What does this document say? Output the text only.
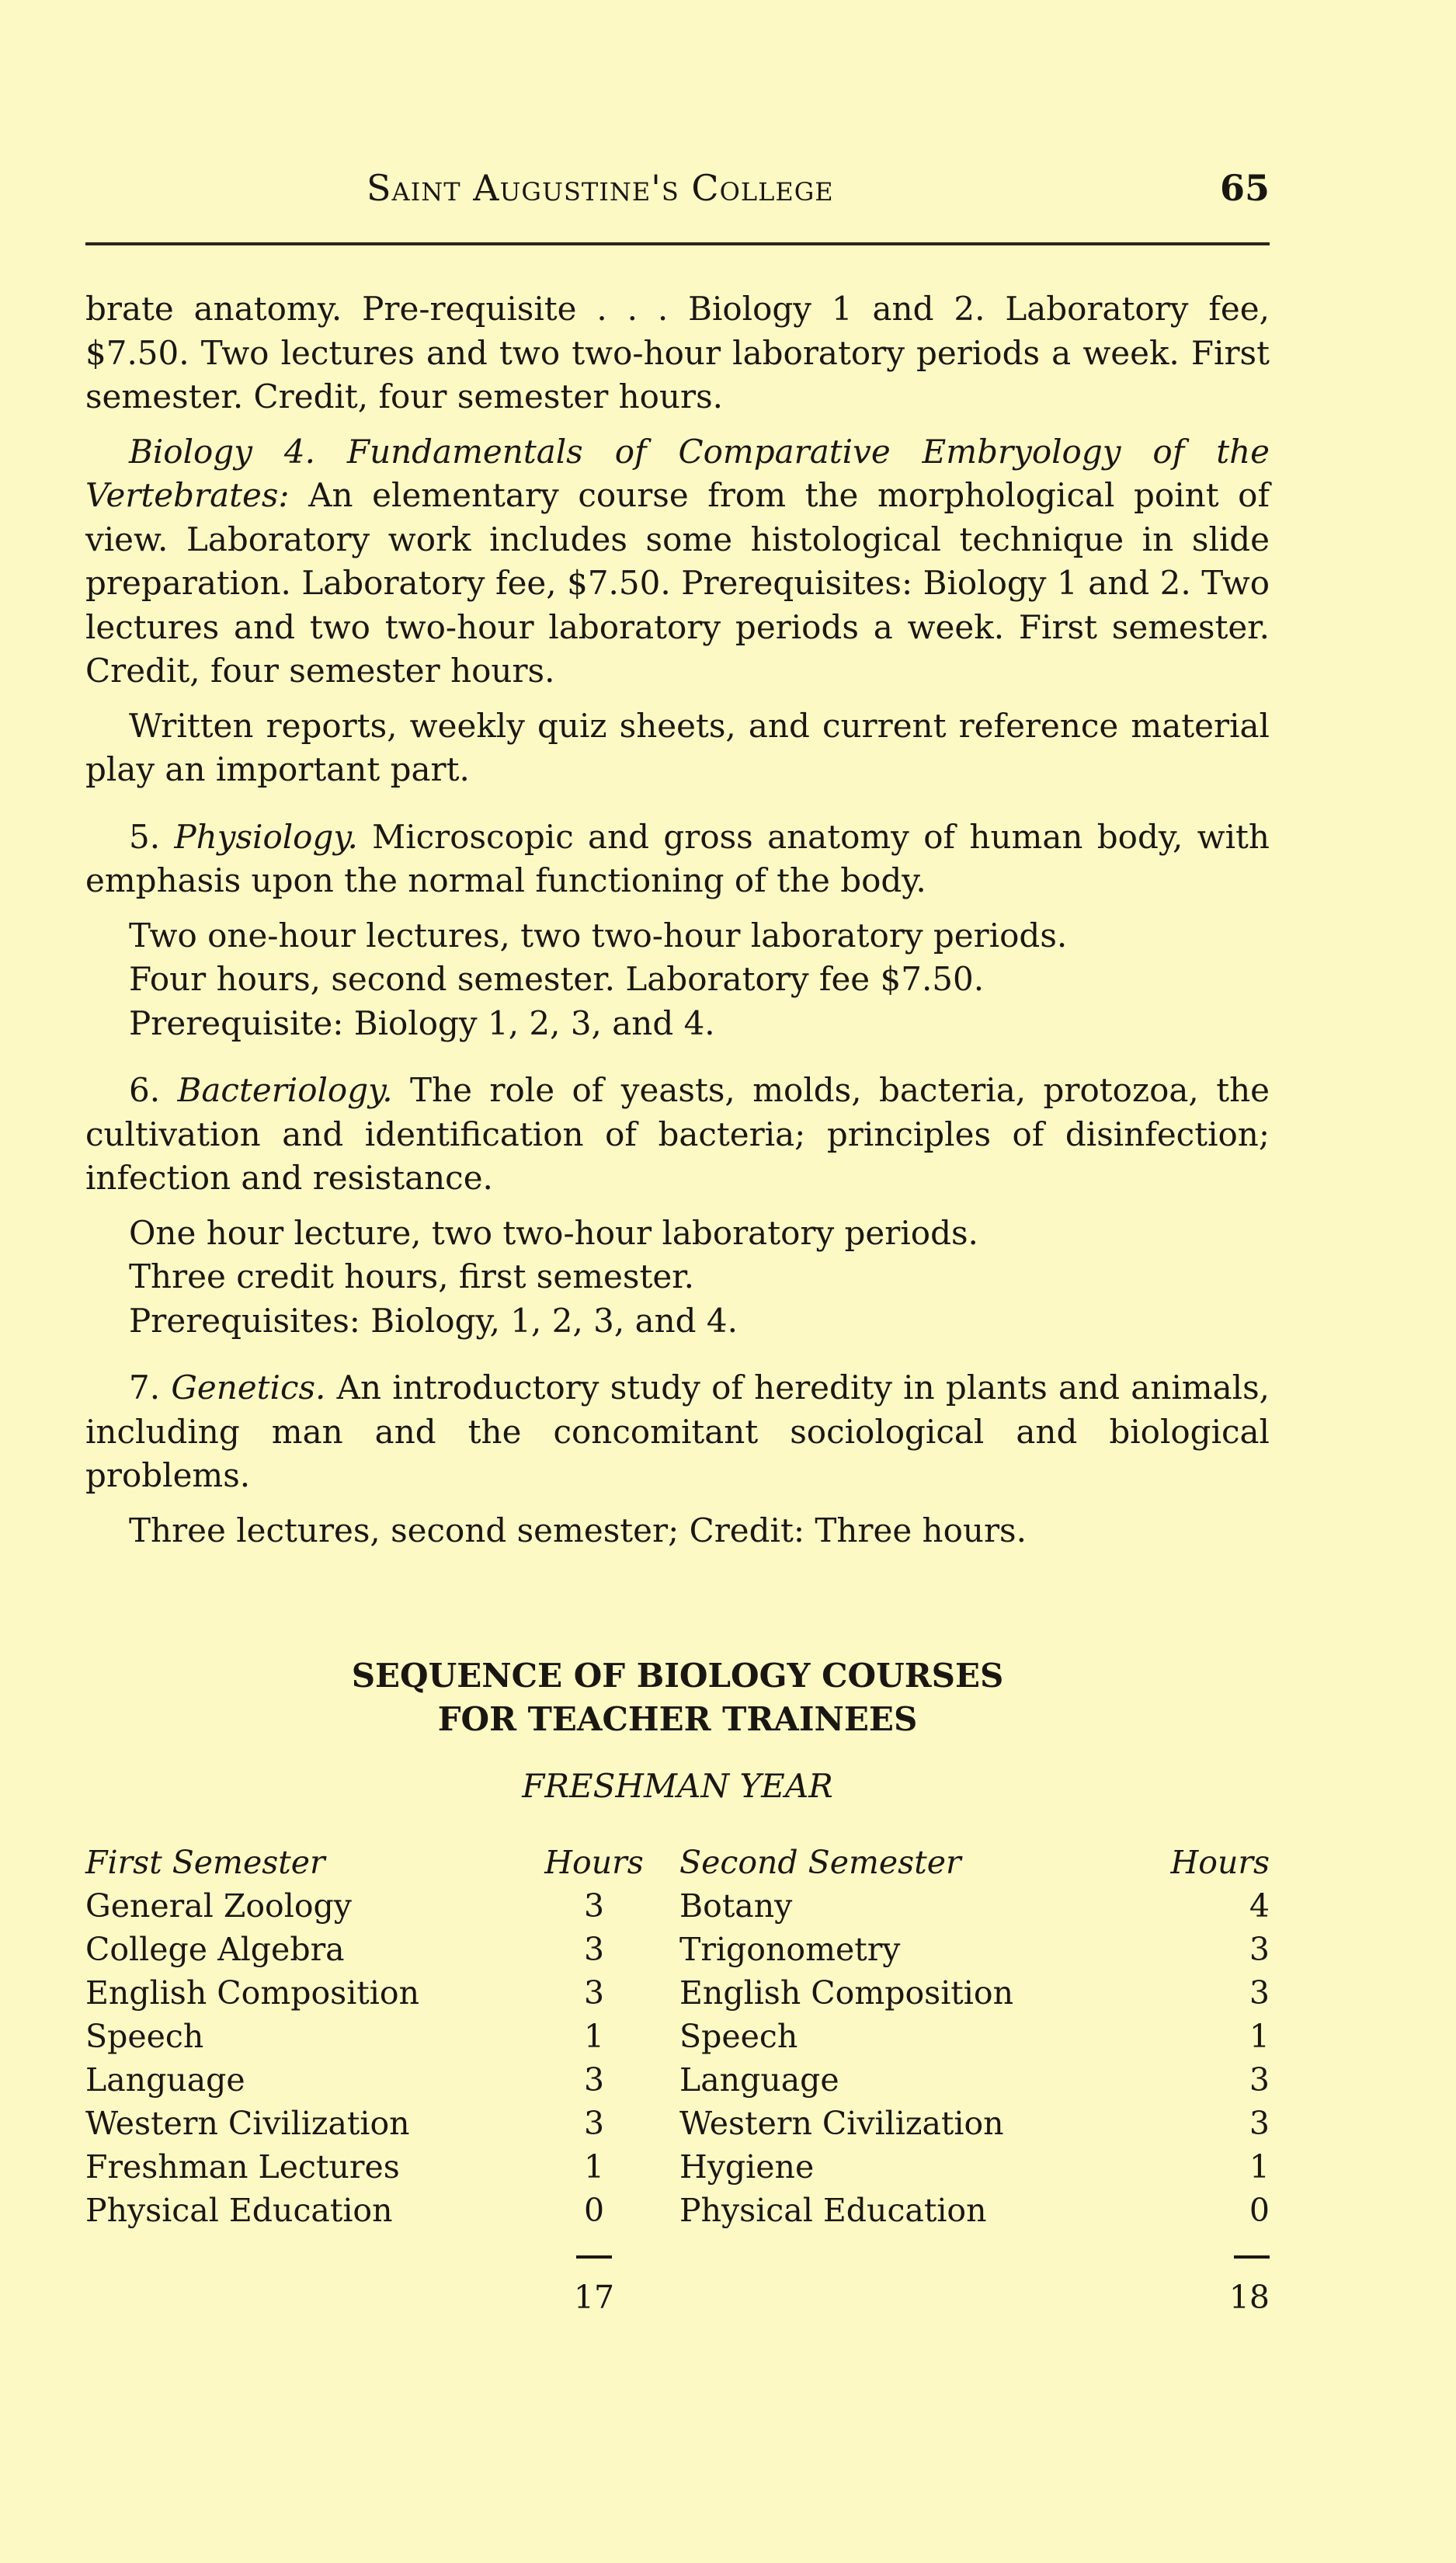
Saint Augustine's College	65

brate anatomy. Pre-requisite . . . Biology 1 and 2. Laboratory fee, $7.50. Two lectures and two two-hour laboratory periods a week. First semester. Credit, four semester hours.

Biology 4. Fundamentals of Comparative Embryology of the Vertebrates: An elementary course from the morphological point of view. Laboratory work includes some histological technique in slide preparation. Laboratory fee, $7.50. Prerequisites: Biology 1 and 2. Two lectures and two two-hour laboratory periods a week. First semester. Credit, four semester hours.

Written reports, weekly quiz sheets, and current reference material play an important part.

5. Physiology. Microscopic and gross anatomy of human body, with emphasis upon the normal functioning of the body.

Two one-hour lectures, two two-hour laboratory periods.

Four hours, second semester. Laboratory fee $7.50.

Prerequisite: Biology 1, 2, 3, and 4.

6. Bacteriology. The role of yeasts, molds, bacteria, protozoa, the cultivation and identification of bacteria; principles of disinfection; infection and resistance.

One hour lecture, two two-hour laboratory periods.

Three credit hours, first semester.

Prerequisites: Biology, 1, 2, 3, and 4.

7. Genetics. An introductory study of heredity in plants and animals, including man and the concomitant sociological and biological problems.

Three lectures, second semester; Credit: Three hours.

SEQUENCE OF BIOLOGY COURSES
FOR TEACHER TRAINEES
FRESHMAN YEAR
First Semester	Hours	Second Semester	Hours
General Zoology	3	Botany	4
College Algebra	3	Trigonometry	3
English Composition	3	English Composition	3
Speech	1	Speech	1
Language	3	Language	3
Western Civilization	3	Western Civilization	3
Freshman Lectures	1	Hygiene	1
Physical Education	0	Physical Education	0

	17		18
